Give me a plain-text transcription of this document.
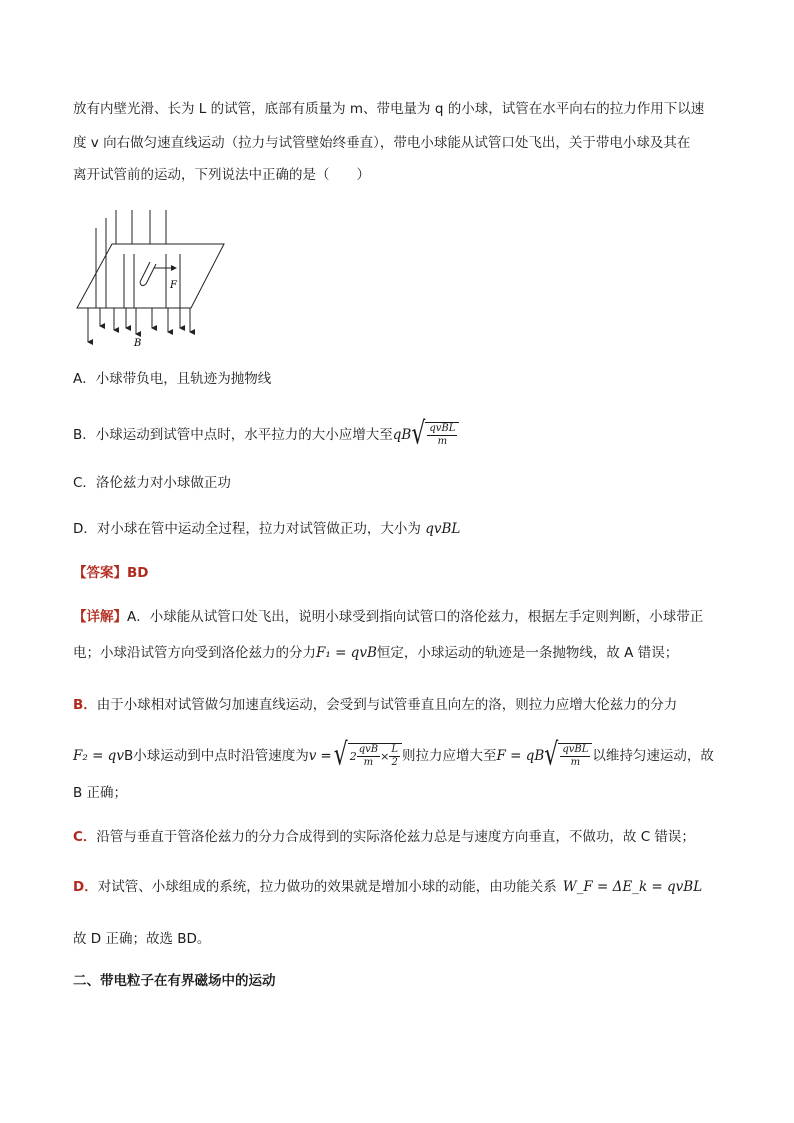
放有内壁光滑、长为 L 的试管，底部有质量为 m、带电量为 q 的小球，试管在水平向右的拉力作用下以速
度 v 向右做匀速直线运动（拉力与试管壁始终垂直），带电小球能从试管口处飞出，关于带电小球及其在
离开试管前的运动，下列说法中正确的是（　　）
F
B
A．小球带负电，且轨迹为抛物线
B．小球运动到试管中点时，水平拉力的大小应增大至 qB √ $\frac{\text{qvBL}}{m}$
C．洛伦兹力对小球做正功
D．对小球在管中运动全过程，拉力对试管做正功，大小为 qvBL
【答案】BD
【详解】A．小球能从试管口处飞出，说明小球受到指向试管口的洛伦兹力，根据左手定则判断，小球带正
电；小球沿试管方向受到洛伦兹力的分力F₁ = qvB恒定，小球运动的轨迹是一条抛物线，故 A 错误；
B．由于小球相对试管做匀加速直线运动，会受到与试管垂直且向左的洛，则拉力应增大伦兹力的分力
F₂ = qv B小球运动到中点时沿管速度为 v = √ $2 \frac{\text{qvB}}{m} \times \frac{L}{2}$ 则拉力应增大至 F = qB √ $\frac{\text{qvBL}}{m}$ 以维持匀速运动，故
B 正确；
C．沿管与垂直于管洛伦兹力的分力合成得到的实际洛伦兹力总是与速度方向垂直，不做功，故 C 错误；
D．对试管、小球组成的系统，拉力做功的效果就是增加小球的动能，由功能关系 W_F = ΔE_k = qvBL
故 D 正确；故选 BD。
二、带电粒子在有界磁场中的运动
